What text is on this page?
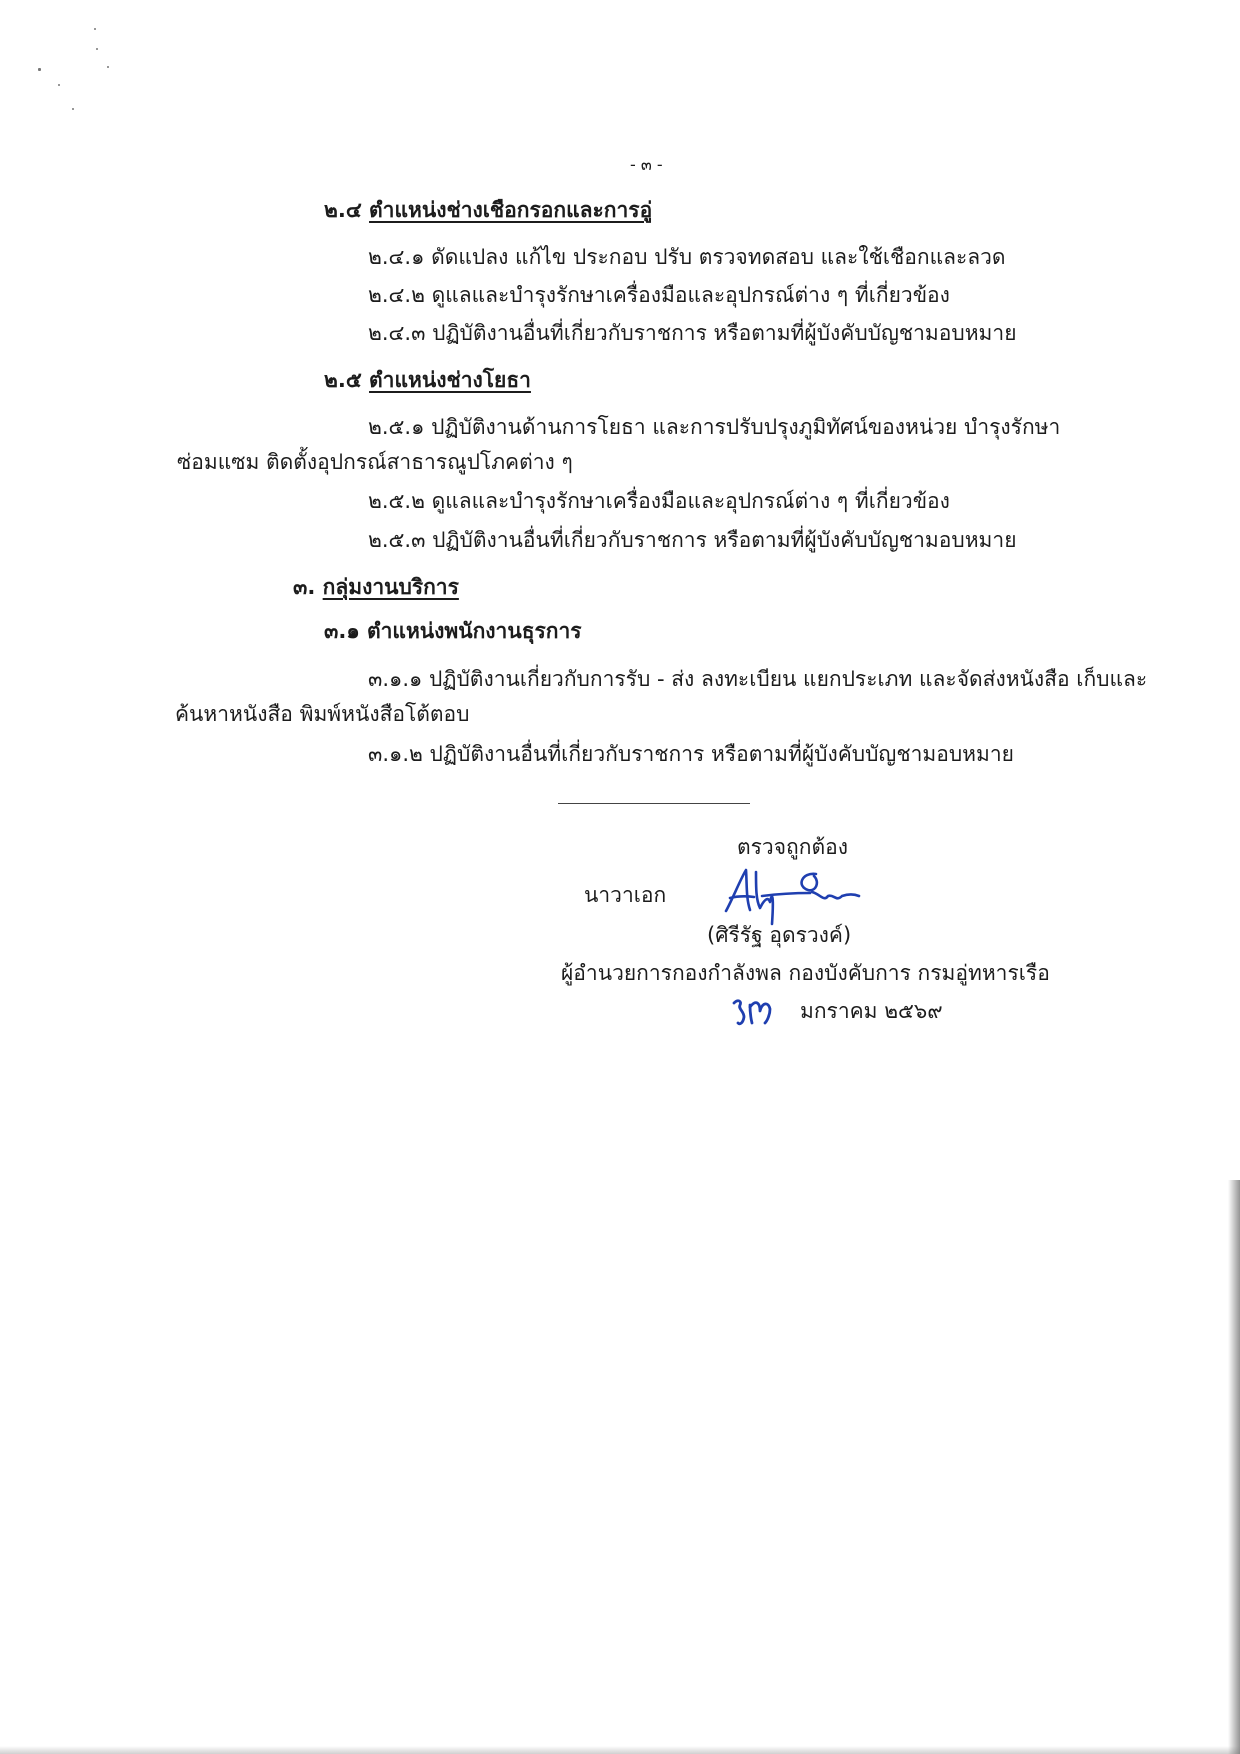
- ๓ -
๒.๔ ตำแหน่งช่างเชือกรอกและการอู่
๒.๔.๑ ดัดแปลง แก้ไข ประกอบ ปรับ ตรวจทดสอบ และใช้เชือกและลวด
๒.๔.๒ ดูแลและบำรุงรักษาเครื่องมือและอุปกรณ์ต่าง ๆ ที่เกี่ยวข้อง
๒.๔.๓ ปฏิบัติงานอื่นที่เกี่ยวกับราชการ หรือตามที่ผู้บังคับบัญชามอบหมาย
๒.๕ ตำแหน่งช่างโยธา
๒.๕.๑ ปฏิบัติงานด้านการโยธา และการปรับปรุงภูมิทัศน์ของหน่วย บำรุงรักษา
ซ่อมแซม ติดตั้งอุปกรณ์สาธารณูปโภคต่าง ๆ
๒.๕.๒ ดูแลและบำรุงรักษาเครื่องมือและอุปกรณ์ต่าง ๆ ที่เกี่ยวข้อง
๒.๕.๓ ปฏิบัติงานอื่นที่เกี่ยวกับราชการ หรือตามที่ผู้บังคับบัญชามอบหมาย
๓. กลุ่มงานบริการ
๓.๑ ตำแหน่งพนักงานธุรการ
๓.๑.๑ ปฏิบัติงานเกี่ยวกับการรับ - ส่ง ลงทะเบียน แยกประเภท และจัดส่งหนังสือ เก็บและ
ค้นหาหนังสือ พิมพ์หนังสือโต้ตอบ
๓.๑.๒ ปฏิบัติงานอื่นที่เกี่ยวกับราชการ หรือตามที่ผู้บังคับบัญชามอบหมาย
ตรวจถูกต้อง
นาวาเอก
(ศิรีรัฐ อุดรวงค์)
ผู้อำนวยการกองกำลังพล กองบังคับการ กรมอู่ทหารเรือ
มกราคม ๒๕๖๙
